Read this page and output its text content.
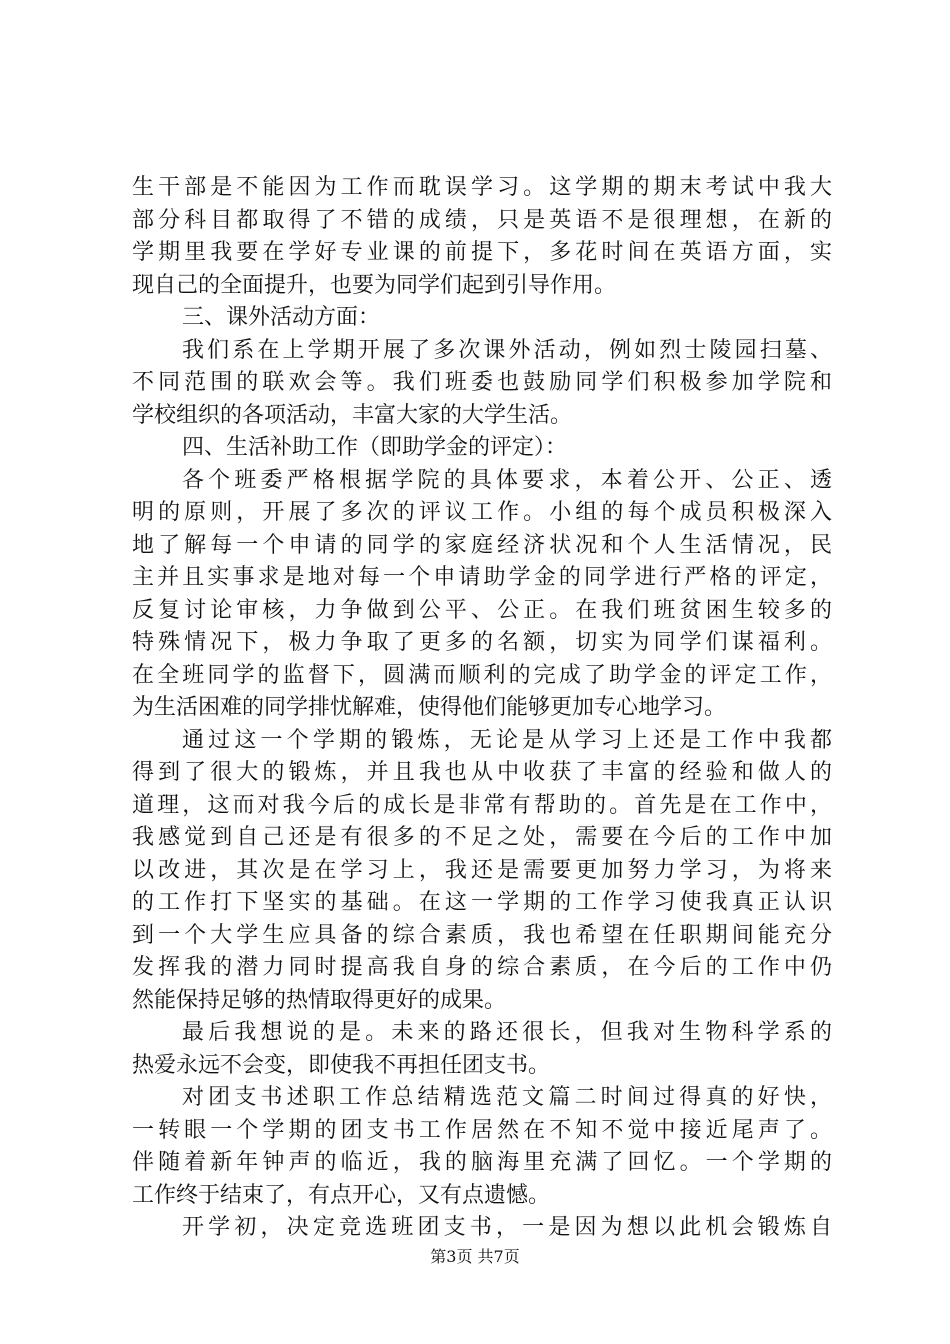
生干部是不能因为工作而耽误学习。这学期的期末考试中我大
部分科目都取得了不错的成绩，只是英语不是很理想，在新的
学期里我要在学好专业课的前提下，多花时间在英语方面，实
现自己的全面提升，也要为同学们起到引导作用。
三、课外活动方面：
我们系在上学期开展了多次课外活动，例如烈士陵园扫墓、
不同范围的联欢会等。我们班委也鼓励同学们积极参加学院和
学校组织的各项活动，丰富大家的大学生活。
四、生活补助工作（即助学金的评定）：
各个班委严格根据学院的具体要求，本着公开、公正、透
明的原则，开展了多次的评议工作。小组的每个成员积极深入
地了解每一个申请的同学的家庭经济状况和个人生活情况，民
主并且实事求是地对每一个申请助学金的同学进行严格的评定，
反复讨论审核，力争做到公平、公正。在我们班贫困生较多的
特殊情况下，极力争取了更多的名额，切实为同学们谋福利。
在全班同学的监督下，圆满而顺利的完成了助学金的评定工作，
为生活困难的同学排忧解难，使得他们能够更加专心地学习。
通过这一个学期的锻炼，无论是从学习上还是工作中我都
得到了很大的锻炼，并且我也从中收获了丰富的经验和做人的
道理，这而对我今后的成长是非常有帮助的。首先是在工作中，
我感觉到自己还是有很多的不足之处，需要在今后的工作中加
以改进，其次是在学习上，我还是需要更加努力学习，为将来
的工作打下坚实的基础。在这一学期的工作学习使我真正认识
到一个大学生应具备的综合素质，我也希望在任职期间能充分
发挥我的潜力同时提高我自身的综合素质，在今后的工作中仍
然能保持足够的热情取得更好的成果。
最后我想说的是。未来的路还很长，但我对生物科学系的
热爱永远不会变，即使我不再担任团支书。
对团支书述职工作总结精选范文篇二时间过得真的好快，
一转眼一个学期的团支书工作居然在不知不觉中接近尾声了。
伴随着新年钟声的临近，我的脑海里充满了回忆。一个学期的
工作终于结束了，有点开心，又有点遗憾。
开学初，决定竞选班团支书，一是因为想以此机会锻炼自
第3页 共7页
